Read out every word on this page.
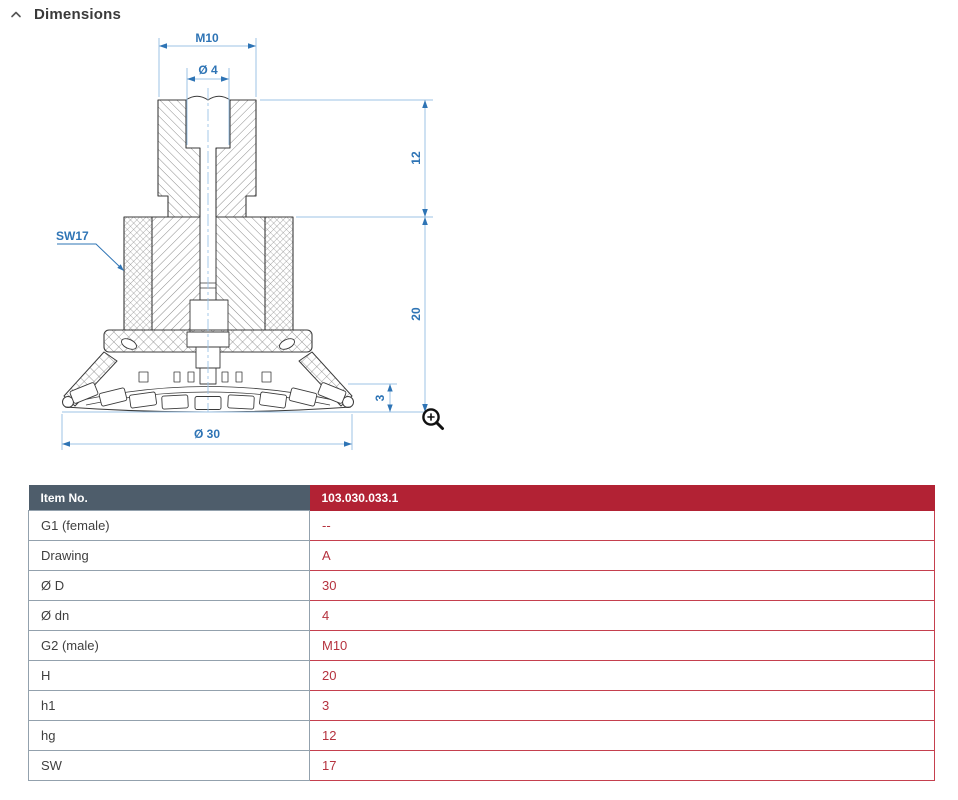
Dimensions
M10
Ø 4
SW17
12
20
3
Ø 30
Item No.	103.030.033.1
G1 (female)	--
Drawing	A
Ø D	30
Ø dn	4
G2 (male)	M10
H	20
h1	3
hg	12
SW	17
